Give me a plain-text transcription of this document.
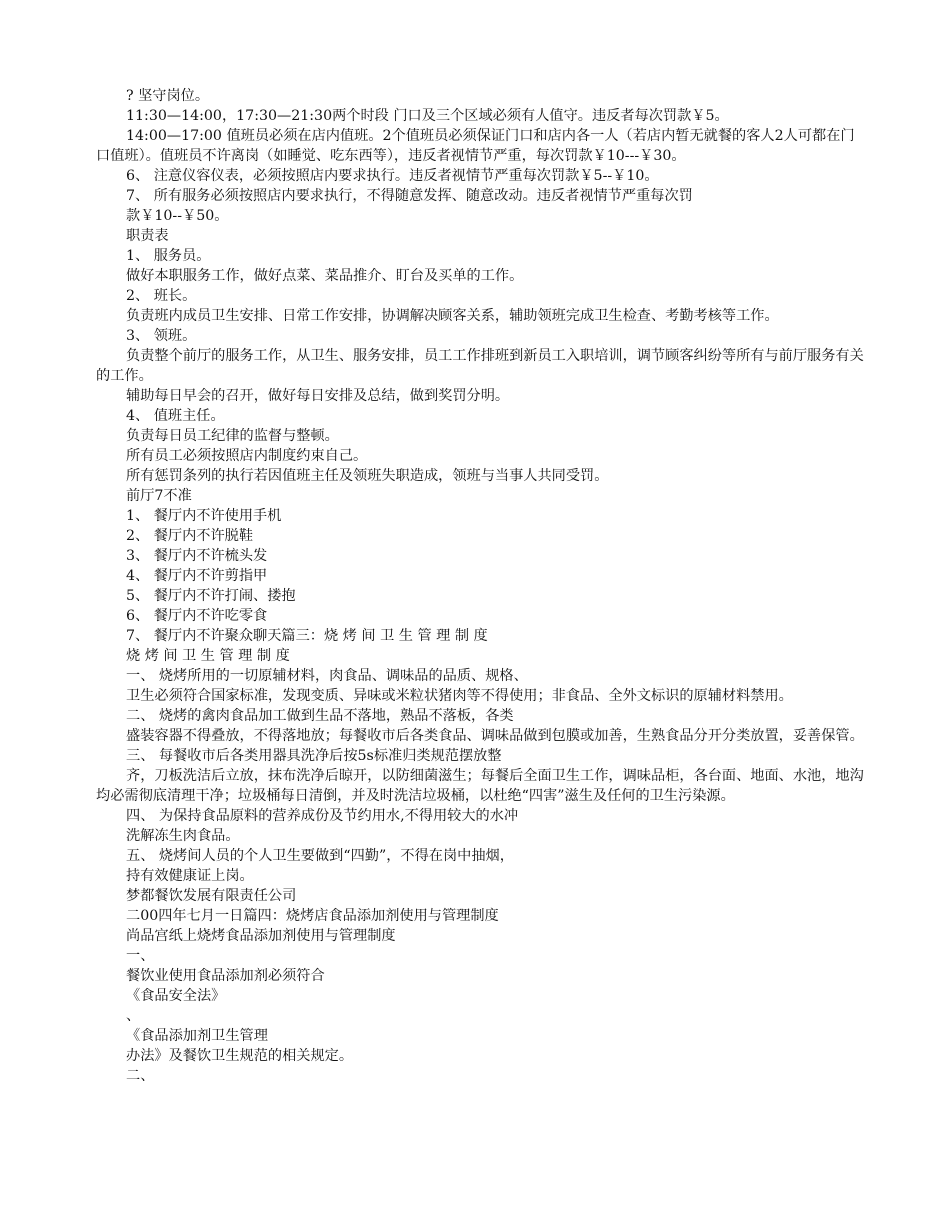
? 坚守岗位。

11:30—14:00，17:30—21:30两个时段 门口及三个区域必须有人值守。违反者每次罚款￥5。

14:00—17:00 值班员必须在店内值班。2个值班员必须保证门口和店内各一人（若店内暂无就餐的客人2人可都在门口值班）。值班员不许离岗（如睡觉、吃东西等），违反者视情节严重，每次罚款￥10---￥30。

6、 注意仪容仪表，必须按照店内要求执行。违反者视情节严重每次罚款￥5--￥10。

7、 所有服务必须按照店内要求执行，不得随意发挥、随意改动。违反者视情节严重每次罚

款￥10--￥50。

职责表

1、 服务员。

做好本职服务工作，做好点菜、菜品推介、盯台及买单的工作。

2、 班长。

负责班内成员卫生安排、日常工作安排，协调解决顾客关系，辅助领班完成卫生检查、考勤考核等工作。

3、 领班。

负责整个前厅的服务工作，从卫生、服务安排，员工工作排班到新员工入职培训，调节顾客纠纷等所有与前厅服务有关的工作。

辅助每日早会的召开，做好每日安排及总结，做到奖罚分明。

4、 值班主任。

负责每日员工纪律的监督与整顿。

所有员工必须按照店内制度约束自己。

所有惩罚条列的执行若因值班主任及领班失职造成，领班与当事人共同受罚。

前厅7不准

1、 餐厅内不许使用手机

2、 餐厅内不许脱鞋

3、 餐厅内不许梳头发

4、 餐厅内不许剪指甲

5、 餐厅内不许打闹、搂抱

6、 餐厅内不许吃零食

7、 餐厅内不许聚众聊天篇三：烧 烤 间 卫 生 管 理 制 度

烧 烤 间 卫 生 管 理 制 度

一、 烧烤所用的一切原辅材料，肉食品、调味品的品质、规格、

卫生必须符合国家标准，发现变质、异味或米粒状猪肉等不得使用；非食品、全外文标识的原辅材料禁用。

二、 烧烤的禽肉食品加工做到生品不落地，熟品不落板，各类

盛装容器不得叠放，不得落地放；每餐收市后各类食品、调味品做到包膜或加善，生熟食品分开分类放置，妥善保管。

三、 每餐收市后各类用器具洗净后按5s标准归类规范摆放整

齐，刀板洗洁后立放，抹布洗净后晾开，以防细菌滋生；每餐后全面卫生工作，调味品柜，各台面、地面、水池，地沟均必需彻底清理干净；垃圾桶每日清倒，并及时洗洁垃圾桶，以杜绝“四害”滋生及任何的卫生污染源。

四、 为保持食品原料的营养成份及节约用水,不得用较大的水冲

洗解冻生肉食品。

五、 烧烤间人员的个人卫生要做到“四勤”，不得在岗中抽烟，

持有效健康证上岗。

梦都餐饮发展有限责任公司

二00四年七月一日篇四：烧烤店食品添加剂使用与管理制度

尚品宫纸上烧烤食品添加剂使用与管理制度

一、

餐饮业使用食品添加剂必须符合

《食品安全法》

、

《食品添加剂卫生管理

办法》及餐饮卫生规范的相关规定。

二、
